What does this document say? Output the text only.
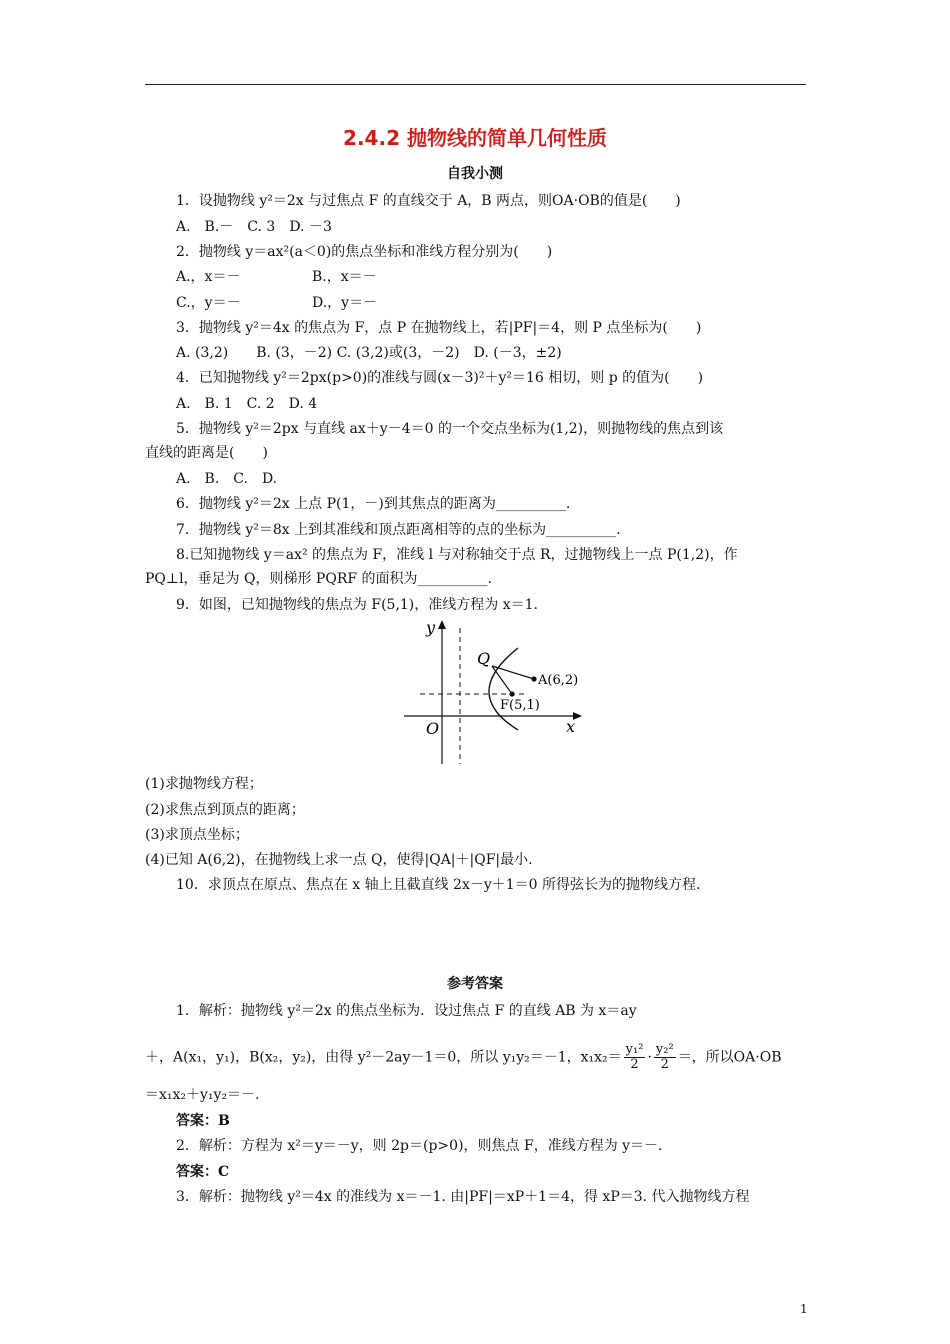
2.4.2 抛物线的简单几何性质
自我小测
1．设抛物线 y²＝2x 与过焦点 F 的直线交于 A，B 两点，则OA·OB的值是(　　)
A.　B.－　C. 3　D. －3
2．抛物线 y＝ax²(a＜0)的焦点坐标和准线方程分别为(　　)
A.，x＝－	B.，x＝－
C.，y＝－	D.，y＝－
3．抛物线 y²＝4x 的焦点为 F，点 P 在抛物线上，若|PF|＝4，则 P 点坐标为(　　)
A. (3,2)　　B. (3，－2) C. (3,2)或(3，－2)　D. (－3，±2)
4．已知抛物线 y²＝2px(p>0)的准线与圆(x－3)²＋y²＝16 相切，则 p 的值为(　　)
A.　B. 1　C. 2　D. 4
5．抛物线 y²＝2px 与直线 ax＋y－4＝0 的一个交点坐标为(1,2)，则抛物线的焦点到该
直线的距离是(　　)
A.　B.　C.　D.
6．抛物线 y²＝2x 上点 P(1，－)到其焦点的距离为__________.
7．抛物线 y²＝8x 上到其准线和顶点距离相等的点的坐标为__________.
8.已知抛物线 y＝ax² 的焦点为 F，准线 l 与对称轴交于点 R，过抛物线上一点 P(1,2)，作
PQ⊥l，垂足为 Q，则梯形 PQRF 的面积为__________.
9．如图，已知抛物线的焦点为 F(5,1)，准线方程为 x＝1.
y
x
O
Q
A(6,2)
F(5,1)
(1)求抛物线方程；
(2)求焦点到顶点的距离；
(3)求顶点坐标；
(4)已知 A(6,2)，在抛物线上求一点 Q，使得|QA|＋|QF|最小.
10．求顶点在原点、焦点在 x 轴上且截直线 2x－y＋1＝0 所得弦长为的抛物线方程.
参考答案
1．解析：抛物线 y²＝2x 的焦点坐标为．设过焦点 F 的直线 AB 为 x＝ay
＋，A(x₁，y₁)，B(x₂，y₂)，由得 y²－2ay－1＝0，所以 y₁y₂＝－1，$x_1x_2= \frac{\text{y₁²}}{2} \cdot \frac{\text{y₂²}}{2}$ ＝，所以OA·OB
＝x₁x₂＋y₁y₂＝－.
答案：B
2．解析：方程为 x²＝y＝－y，则 2p＝(p>0)，则焦点 F，准线方程为 y＝－.
答案：C
3．解析：抛物线 y²＝4x 的准线为 x＝－1. 由|PF|＝xP＋1＝4，得 xP＝3. 代入抛物线方程
1
